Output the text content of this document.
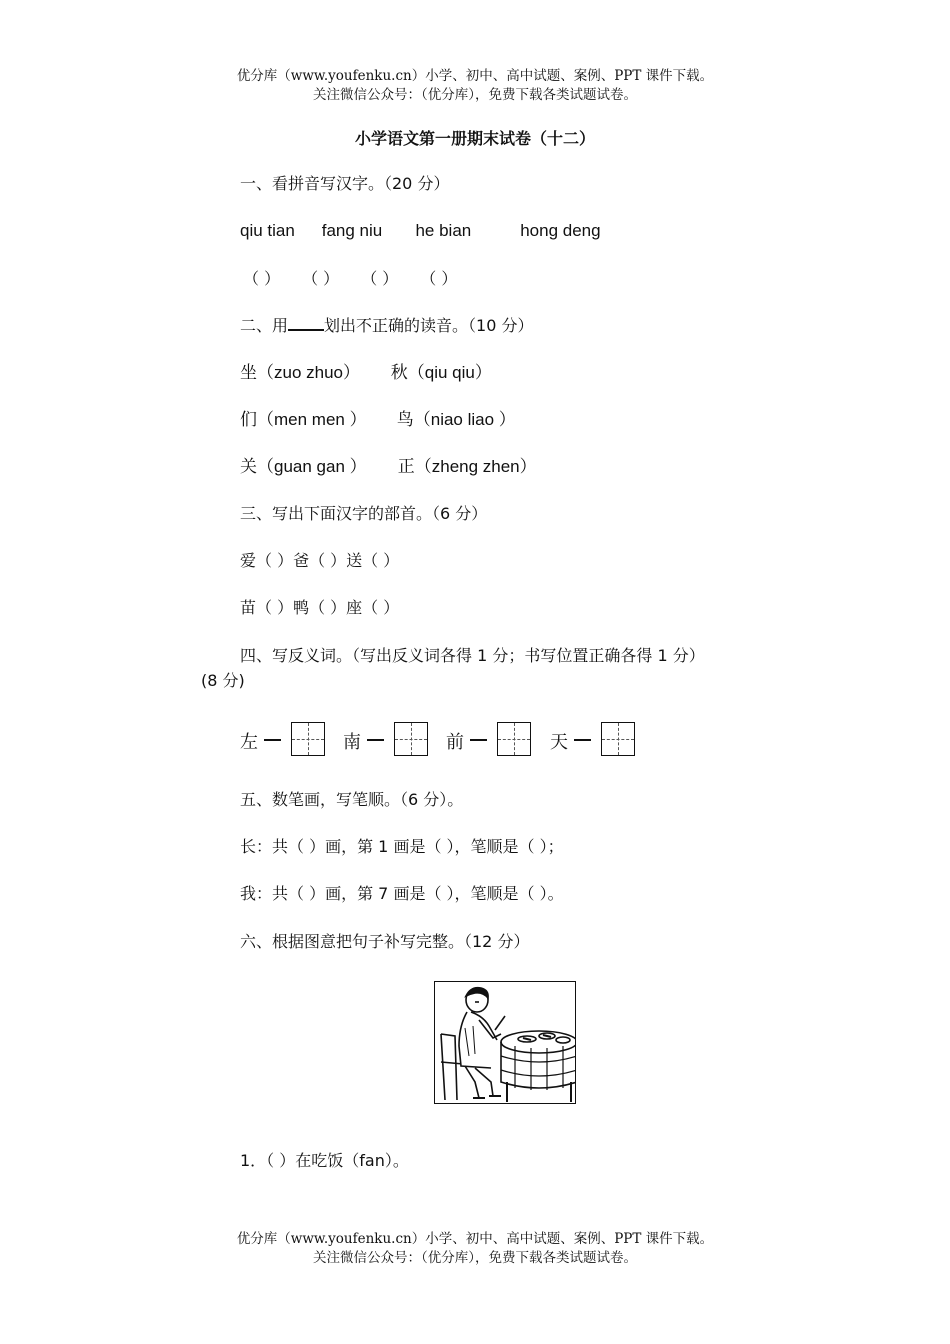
优分库（www.youfenku.cn）小学、初中、高中试题、案例、PPT 课件下载。
关注微信公众号：（优分库），免费下载各类试题试卷。
小学语文第一册期末试卷（十二）
一、看拼音写汉字。（20 分）
qiu tian fang niu he bian	hong deng
（ ） （ ） （ ） （ ）
二、用 划出不正确的读音。（10 分）
坐（zuo zhuo） 秋（qiu qiu）
们（men men ） 鸟（niao liao ）
关（guan gan ） 正（zheng zhen）
三、写出下面汉字的部首。（6 分）
爱（ ）爸（ ）送（ ）
苗（ ）鸭（ ）座（ ）
四、写反义词。（写出反义词各得 1 分；书写位置正确各得 1 分）
(8 分)
左	南	前	天
五、数笔画，写笔顺。（6 分）。
长：共（ ）画，第 1 画是（ ），笔顺是（ ）；
我：共（ ）画，第 7 画是（ ），笔顺是（ ）。
六、根据图意把句子补写完整。（12 分）
1．（ ）在吃饭（fan）。
优分库（www.youfenku.cn）小学、初中、高中试题、案例、PPT 课件下载。
关注微信公众号：（优分库），免费下载各类试题试卷。
